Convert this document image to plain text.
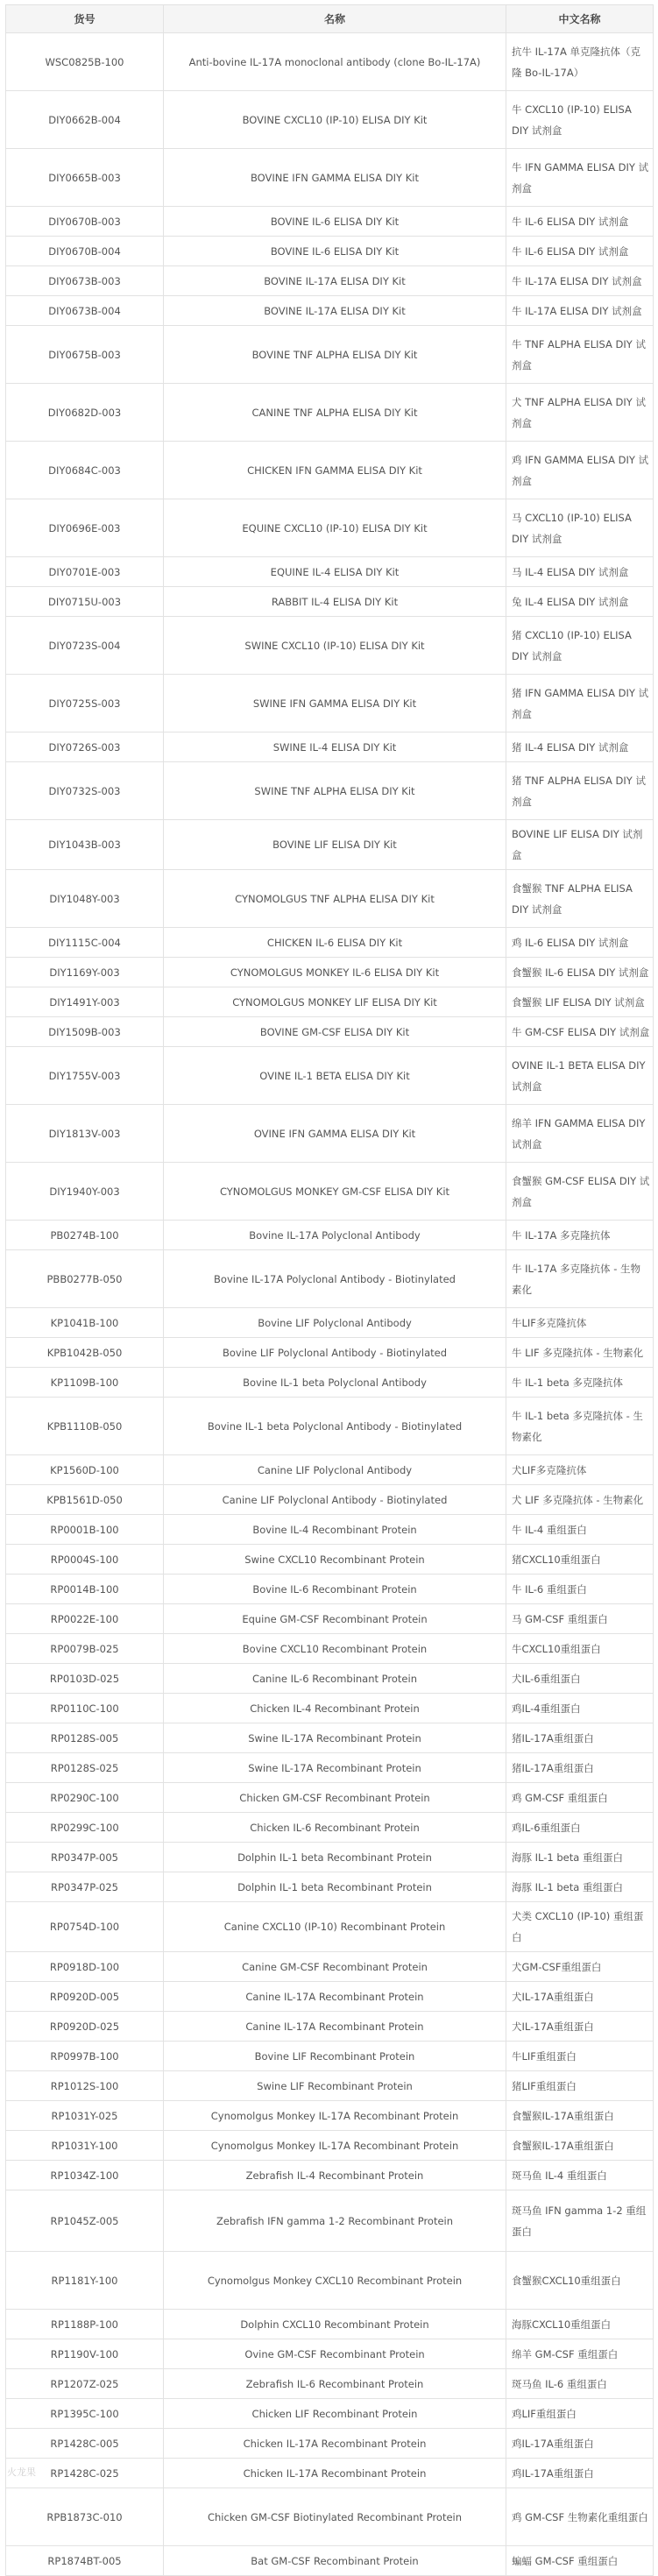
货号	名称	中文名称
WSC0825B-100	Anti-bovine IL-17A monoclonal antibody (clone Bo-IL-17A)	抗牛 IL-17A 单克隆抗体（克隆 Bo-IL-17A）
DIY0662B-004	BOVINE CXCL10 (IP-10) ELISA DIY Kit	牛 CXCL10 (IP-10) ELISA DIY 试剂盒
DIY0665B-003	BOVINE IFN GAMMA ELISA DIY Kit	牛 IFN GAMMA ELISA DIY 试剂盒
DIY0670B-003	BOVINE IL-6 ELISA DIY Kit	牛 IL-6 ELISA DIY 试剂盒
DIY0670B-004	BOVINE IL-6 ELISA DIY Kit	牛 IL-6 ELISA DIY 试剂盒
DIY0673B-003	BOVINE IL-17A ELISA DIY Kit	牛 IL-17A ELISA DIY 试剂盒
DIY0673B-004	BOVINE IL-17A ELISA DIY Kit	牛 IL-17A ELISA DIY 试剂盒
DIY0675B-003	BOVINE TNF ALPHA ELISA DIY Kit	牛 TNF ALPHA ELISA DIY 试剂盒
DIY0682D-003	CANINE TNF ALPHA ELISA DIY Kit	犬 TNF ALPHA ELISA DIY 试剂盒
DIY0684C-003	CHICKEN IFN GAMMA ELISA DIY Kit	鸡 IFN GAMMA ELISA DIY 试剂盒
DIY0696E-003	EQUINE CXCL10 (IP-10) ELISA DIY Kit	马 CXCL10 (IP-10) ELISA DIY 试剂盒
DIY0701E-003	EQUINE IL-4 ELISA DIY Kit	马 IL-4 ELISA DIY 试剂盒
DIY0715U-003	RABBIT IL-4 ELISA DIY Kit	兔 IL-4 ELISA DIY 试剂盒
DIY0723S-004	SWINE CXCL10 (IP-10) ELISA DIY Kit	猪 CXCL10 (IP-10) ELISA DIY 试剂盒
DIY0725S-003	SWINE IFN GAMMA ELISA DIY Kit	猪 IFN GAMMA ELISA DIY 试剂盒
DIY0726S-003	SWINE IL-4 ELISA DIY Kit	猪 IL-4 ELISA DIY 试剂盒
DIY0732S-003	SWINE TNF ALPHA ELISA DIY Kit	猪 TNF ALPHA ELISA DIY 试剂盒
DIY1043B-003	BOVINE LIF ELISA DIY Kit	BOVINE LIF ELISA DIY 试剂盒
DIY1048Y-003	CYNOMOLGUS TNF ALPHA ELISA DIY Kit	食蟹猴 TNF ALPHA ELISA DIY 试剂盒
DIY1115C-004	CHICKEN IL-6 ELISA DIY Kit	鸡 IL-6 ELISA DIY 试剂盒
DIY1169Y-003	CYNOMOLGUS MONKEY IL-6 ELISA DIY Kit	食蟹猴 IL-6 ELISA DIY 试剂盒
DIY1491Y-003	CYNOMOLGUS MONKEY LIF ELISA DIY Kit	食蟹猴 LIF ELISA DIY 试剂盒
DIY1509B-003	BOVINE GM-CSF ELISA DIY Kit	牛 GM-CSF ELISA DIY 试剂盒
DIY1755V-003	OVINE IL-1 BETA ELISA DIY Kit	OVINE IL-1 BETA ELISA DIY 试剂盒
DIY1813V-003	OVINE IFN GAMMA ELISA DIY Kit	绵羊 IFN GAMMA ELISA DIY 试剂盒
DIY1940Y-003	CYNOMOLGUS MONKEY GM-CSF ELISA DIY Kit	食蟹猴 GM-CSF ELISA DIY 试剂盒
PB0274B-100	Bovine IL-17A Polyclonal Antibody	牛 IL-17A 多克隆抗体
PBB0277B-050	Bovine IL-17A Polyclonal Antibody - Biotinylated	牛 IL-17A 多克隆抗体 - 生物素化
KP1041B-100	Bovine LIF Polyclonal Antibody	牛LIF多克隆抗体
KPB1042B-050	Bovine LIF Polyclonal Antibody - Biotinylated	牛 LIF 多克隆抗体 - 生物素化
KP1109B-100	Bovine IL-1 beta Polyclonal Antibody	牛 IL-1 beta 多克隆抗体
KPB1110B-050	Bovine IL-1 beta Polyclonal Antibody - Biotinylated	牛 IL-1 beta 多克隆抗体 - 生物素化
KP1560D-100	Canine LIF Polyclonal Antibody	犬LIF多克隆抗体
KPB1561D-050	Canine LIF Polyclonal Antibody - Biotinylated	犬 LIF 多克隆抗体 - 生物素化
RP0001B-100	Bovine IL-4 Recombinant Protein	牛 IL-4 重组蛋白
RP0004S-100	Swine CXCL10 Recombinant Protein	猪CXCL10重组蛋白
RP0014B-100	Bovine IL-6 Recombinant Protein	牛 IL-6 重组蛋白
RP0022E-100	Equine GM-CSF Recombinant Protein	马 GM-CSF 重组蛋白
RP0079B-025	Bovine CXCL10 Recombinant Protein	牛CXCL10重组蛋白
RP0103D-025	Canine IL-6 Recombinant Protein	犬IL-6重组蛋白
RP0110C-100	Chicken IL-4 Recombinant Protein	鸡IL-4重组蛋白
RP0128S-005	Swine IL-17A Recombinant Protein	猪IL-17A重组蛋白
RP0128S-025	Swine IL-17A Recombinant Protein	猪IL-17A重组蛋白
RP0290C-100	Chicken GM-CSF Recombinant Protein	鸡 GM-CSF 重组蛋白
RP0299C-100	Chicken IL-6 Recombinant Protein	鸡IL-6重组蛋白
RP0347P-005	Dolphin IL-1 beta Recombinant Protein	海豚 IL-1 beta 重组蛋白
RP0347P-025	Dolphin IL-1 beta Recombinant Protein	海豚 IL-1 beta 重组蛋白
RP0754D-100	Canine CXCL10 (IP-10) Recombinant Protein	犬类 CXCL10 (IP-10) 重组蛋白
RP0918D-100	Canine GM-CSF Recombinant Protein	犬GM-CSF重组蛋白
RP0920D-005	Canine IL-17A Recombinant Protein	犬IL-17A重组蛋白
RP0920D-025	Canine IL-17A Recombinant Protein	犬IL-17A重组蛋白
RP0997B-100	Bovine LIF Recombinant Protein	牛LIF重组蛋白
RP1012S-100	Swine LIF Recombinant Protein	猪LIF重组蛋白
RP1031Y-025	Cynomolgus Monkey IL-17A Recombinant Protein	食蟹猴IL-17A重组蛋白
RP1031Y-100	Cynomolgus Monkey IL-17A Recombinant Protein	食蟹猴IL-17A重组蛋白
RP1034Z-100	Zebrafish IL-4 Recombinant Protein	斑马鱼 IL-4 重组蛋白
RP1045Z-005	Zebrafish IFN gamma 1-2 Recombinant Protein	斑马鱼 IFN gamma 1-2 重组蛋白
RP1181Y-100	Cynomolgus Monkey CXCL10 Recombinant Protein	食蟹猴CXCL10重组蛋白
RP1188P-100	Dolphin CXCL10 Recombinant Protein	海豚CXCL10重组蛋白
RP1190V-100	Ovine GM-CSF Recombinant Protein	绵羊 GM-CSF 重组蛋白
RP1207Z-025	Zebrafish IL-6 Recombinant Protein	斑马鱼 IL-6 重组蛋白
RP1395C-100	Chicken LIF Recombinant Protein	鸡LIF重组蛋白
RP1428C-005	Chicken IL-17A Recombinant Protein	鸡IL-17A重组蛋白
RP1428C-025	Chicken IL-17A Recombinant Protein	鸡IL-17A重组蛋白
RPB1873C-010	Chicken GM-CSF Biotinylated Recombinant Protein	鸡 GM-CSF 生物素化重组蛋白
RP1874BT-005	Bat GM-CSF Recombinant Protein	蝙蝠 GM-CSF 重组蛋白
火龙果
